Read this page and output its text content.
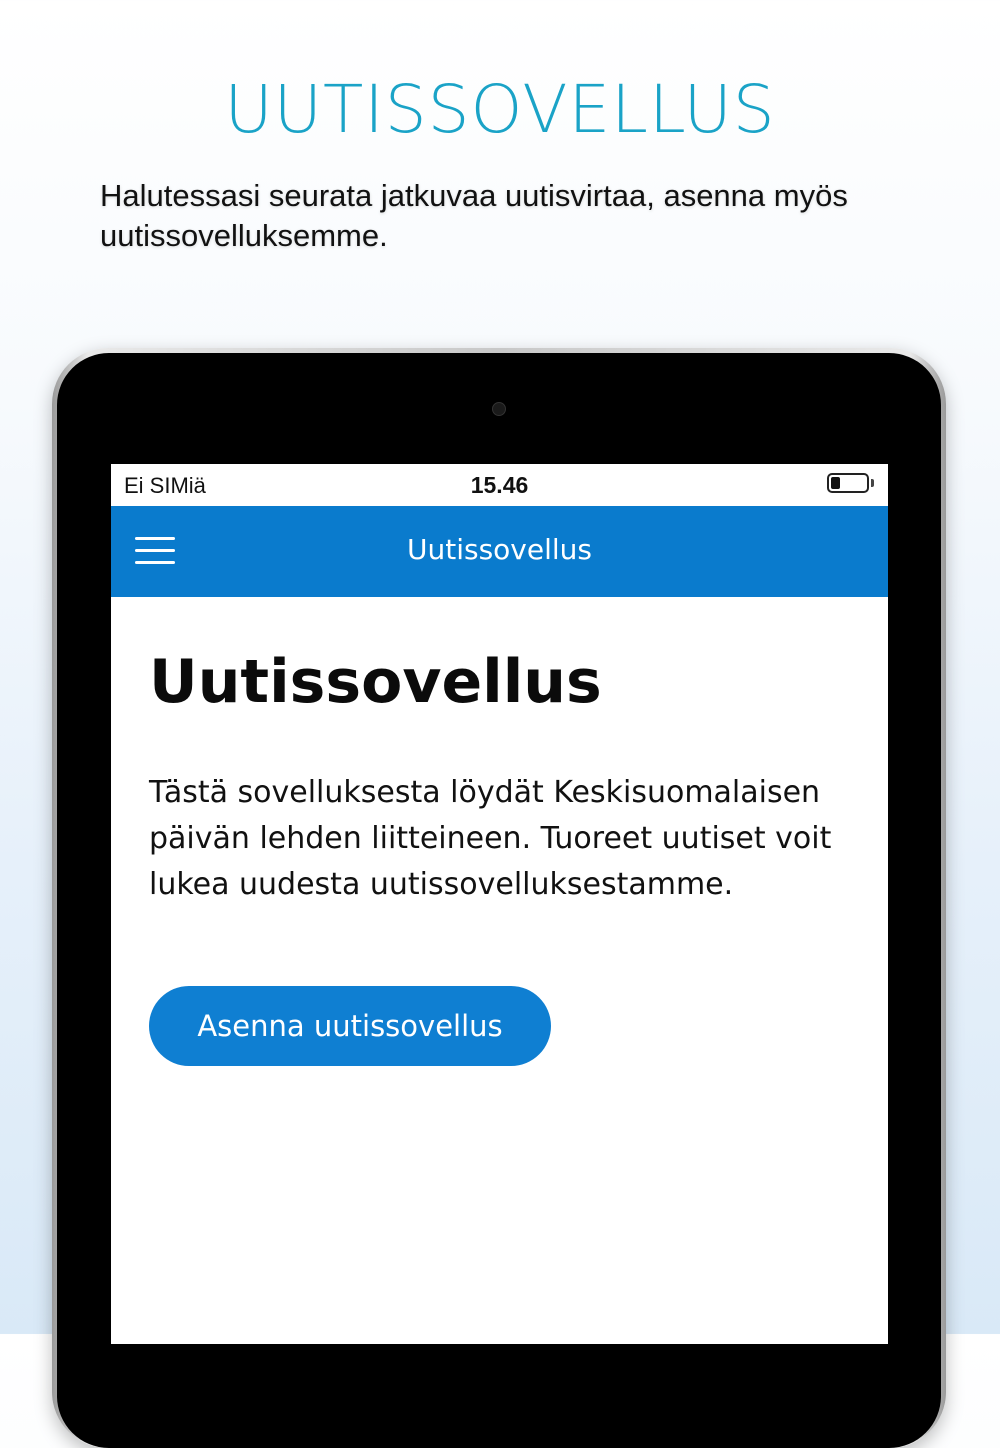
UUTISSOVELLUS
Halutessasi seurata jatkuvaa uutisvirtaa, asenna myös uutissovelluksemme.
Ei SIMiä	15.46
Uutissovellus
Uutissovellus
Tästä sovelluksesta löydät Keskisuomalaisen päivän lehden liitteineen. Tuoreet uutiset voit lukea uudesta uutissovelluksestamme.
Asenna uutissovellus
